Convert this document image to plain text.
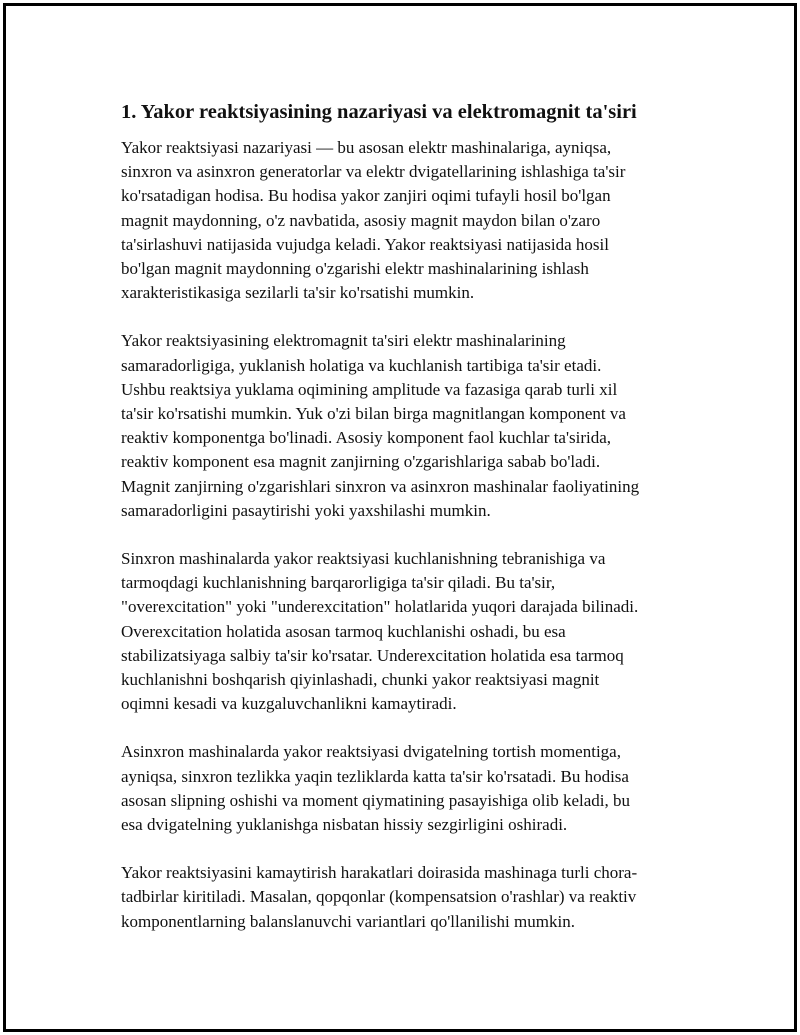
1. Yakor reaktsiyasining nazariyasi va elektromagnit ta'siri

Yakor reaktsiyasi nazariyasi — bu asosan elektr mashinalariga, ayniqsa,
sinxron va asinxron generatorlar va elektr dvigatellarining ishlashiga ta'sir
ko'rsatadigan hodisa. Bu hodisa yakor zanjiri oqimi tufayli hosil bo'lgan
magnit maydonning, o'z navbatida, asosiy magnit maydon bilan o'zaro
ta'sirlashuvi natijasida vujudga keladi. Yakor reaktsiyasi natijasida hosil
bo'lgan magnit maydonning o'zgarishi elektr mashinalarining ishlash
xarakteristikasiga sezilarli ta'sir ko'rsatishi mumkin.

Yakor reaktsiyasining elektromagnit ta'siri elektr mashinalarining
samaradorligiga, yuklanish holatiga va kuchlanish tartibiga ta'sir etadi.
Ushbu reaktsiya yuklama oqimining amplitude va fazasiga qarab turli xil
ta'sir ko'rsatishi mumkin. Yuk o'zi bilan birga magnitlangan komponent va
reaktiv komponentga bo'linadi. Asosiy komponent faol kuchlar ta'sirida,
reaktiv komponent esa magnit zanjirning o'zgarishlariga sabab bo'ladi.
Magnit zanjirning o'zgarishlari sinxron va asinxron mashinalar faoliyatining
samaradorligini pasaytirishi yoki yaxshilashi mumkin.

Sinxron mashinalarda yakor reaktsiyasi kuchlanishning tebranishiga va
tarmoqdagi kuchlanishning barqarorligiga ta'sir qiladi. Bu ta'sir,
"overexcitation" yoki "underexcitation" holatlarida yuqori darajada bilinadi.
Overexcitation holatida asosan tarmoq kuchlanishi oshadi, bu esa
stabilizatsiyaga salbiy ta'sir ko'rsatar. Underexcitation holatida esa tarmoq
kuchlanishni boshqarish qiyinlashadi, chunki yakor reaktsiyasi magnit
oqimni kesadi va kuzgaluvchanlikni kamaytiradi.

Asinxron mashinalarda yakor reaktsiyasi dvigatelning tortish momentiga,
ayniqsa, sinxron tezlikka yaqin tezliklarda katta ta'sir ko'rsatadi. Bu hodisa
asosan slipning oshishi va moment qiymatining pasayishiga olib keladi, bu
esa dvigatelning yuklanishga nisbatan hissiy sezgirligini oshiradi.

Yakor reaktsiyasini kamaytirish harakatlari doirasida mashinaga turli chora-
tadbirlar kiritiladi. Masalan, qopqonlar (kompensatsion o'rashlar) va reaktiv
komponentlarning balanslanuvchi variantlari qo'llanilishi mumkin.
